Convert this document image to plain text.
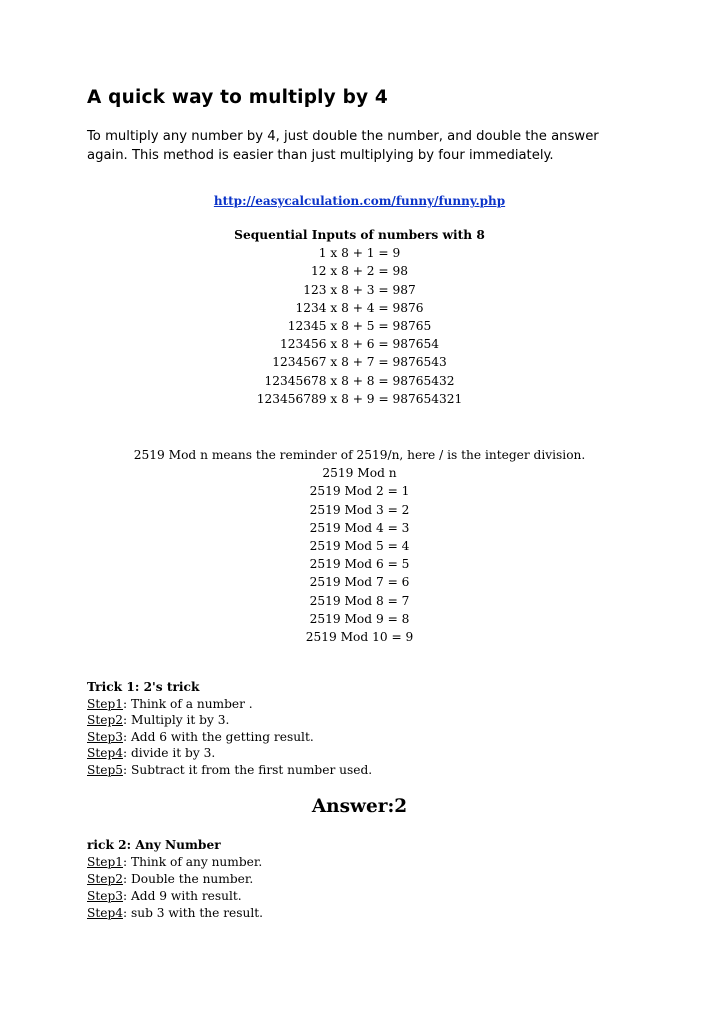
A quick way to multiply by 4
To multiply any number by 4, just double the number, and double the answer
again. This method is easier than just multiplying by four immediately.
http://easycalculation.com/funny/funny.php
Sequential Inputs of numbers with 8
1 x 8 + 1 = 9
12 x 8 + 2 = 98
123 x 8 + 3 = 987
1234 x 8 + 4 = 9876
12345 x 8 + 5 = 98765
123456 x 8 + 6 = 987654
1234567 x 8 + 7 = 9876543
12345678 x 8 + 8 = 98765432
123456789 x 8 + 9 = 987654321
2519 Mod n means the reminder of 2519/n, here / is the integer division.
2519 Mod n
2519 Mod 2 = 1
2519 Mod 3 = 2
2519 Mod 4 = 3
2519 Mod 5 = 4
2519 Mod 6 = 5
2519 Mod 7 = 6
2519 Mod 8 = 7
2519 Mod 9 = 8
2519 Mod 10 = 9
Trick 1: 2's trick
Step1: Think of a number .
Step2: Multiply it by 3.
Step3: Add 6 with the getting result.
Step4: divide it by 3.
Step5: Subtract it from the first number used.
Answer:2
rick 2: Any Number
Step1: Think of any number.
Step2: Double the number.
Step3: Add 9 with result.
Step4: sub 3 with the result.
